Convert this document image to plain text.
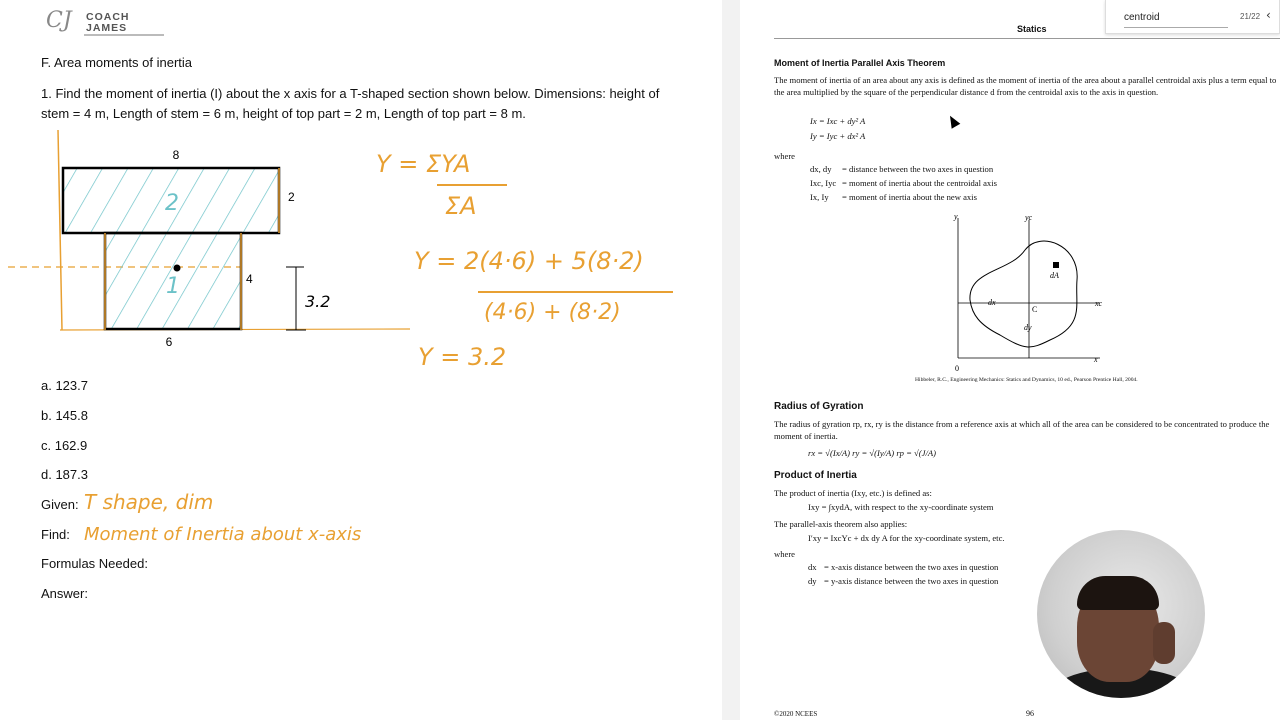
CJ COACH
JAMES
F. Area moments of inertia
1. Find the moment of inertia (I) about the x axis for a T-shaped section shown below. Dimensions: height of stem = 4 m, Length of stem = 6 m, height of top part = 2 m, Length of top part = 8 m.
8
2
4
6
2
1
3.2
Y = ΣYA
ΣA
Y = 2(4·6) + 5(8·2)
(4·6) + (8·2)
Y = 3.2
a. 123.7
b. 145.8
c. 162.9
d. 187.3
Given: T shape, dim
Find: Moment of Inertia about x-axis
Formulas Needed:
Answer:
Statics
Moment of Inertia Parallel Axis Theorem
The moment of inertia of an area about any axis is defined as the moment of inertia of the area about a parallel centroidal axis plus a term equal to the area multiplied by the square of the perpendicular distance d from the centroidal axis to the axis in question.
Ix = Ixc + dy² A
Iy = Iyc + dx² A
where
dx, dy = distance between the two axes in question
Ixc, Iyc = moment of inertia about the centroidal axis
Ix, Iy = moment of inertia about the new axis
dA
C
dx
dy
y	yc
xc
x
0
Hibbeler, R.C., Engineering Mechanics: Statics and Dynamics, 10 ed., Pearson Prentice Hall, 2004.
Radius of Gyration
The radius of gyration rp, rx, ry is the distance from a reference axis at which all of the area can be considered to be concentrated to produce the moment of inertia.
rx = √(Ix/A) ry = √(Iy/A) rp = √(J/A)
Product of Inertia
The product of inertia (Ixy, etc.) is defined as:
Ixy = ∫xydA, with respect to the xy-coordinate system
The parallel-axis theorem also applies:
I′xy = IxcYc + dx dy A for the xy-coordinate system, etc.
where
dx = x-axis distance between the two axes in question
dy = y-axis distance between the two axes in question
©2020 NCEES	96
centroid
21/22 ‹
